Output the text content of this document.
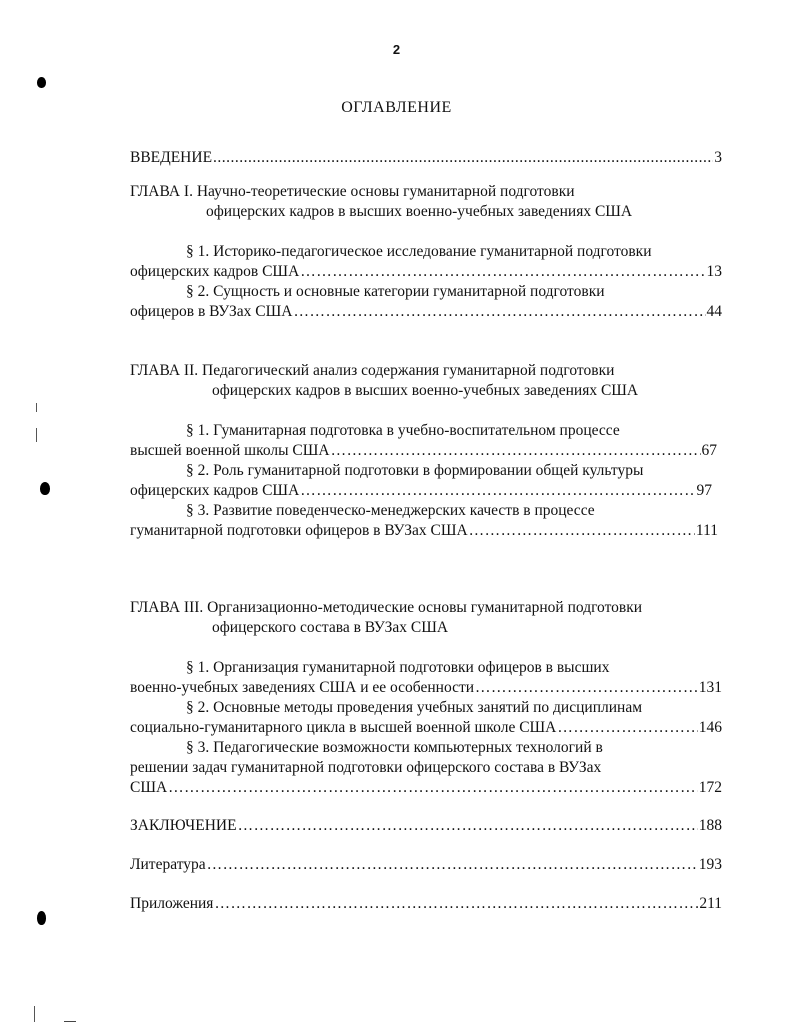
2
ОГЛАВЛЕНИЕ
ВВЕДЕНИЕ .....	3
ГЛАВА I. Научно-теоретические основы гуманитарной подготовки
офицерских кадров в высших военно-учебных заведениях США
§ 1. Историко-педагогическое исследование гуманитарной подготовки
офицерских кадров США ………………………………………………………………………………………………………………………………………………………………………………………………	13
§ 2. Сущность и основные категории гуманитарной подготовки
офицеров в ВУЗах США ………………………………………………………………………………………………………………………………………………………………………………………………	44
ГЛАВА II. Педагогический анализ содержания гуманитарной подготовки
офицерских кадров в высших военно-учебных заведениях США
§ 1. Гуманитарная подготовка в учебно-воспитательном процессе
высшей военной школы США ………………………………………………………………………………………………………………………………………………………………………………………………	67
§ 2. Роль гуманитарной подготовки в формировании общей культуры
офицерских кадров США ………………………………………………………………………………………………………………………………………………………………………………………………	97
§ 3. Развитие поведенческо-менеджерских качеств в процессе
гуманитарной подготовки офицеров в ВУЗах США ………………………………………………………………………………………………………………………………………………………………………………………………	111
ГЛАВА III. Организационно-методические основы гуманитарной подготовки
офицерского состава в ВУЗах США
§ 1. Организация гуманитарной подготовки офицеров в высших
военно-учебных заведениях США и ее особенности ………………………………………………………………………………………………………………………………………………………………………………………………	131
§ 2. Основные методы проведения учебных занятий по дисциплинам
социально-гуманитарного цикла в высшей военной школе США ………………………………………………………………………………………………………………………………………………………………………………………………	146
§ 3. Педагогические возможности компьютерных технологий в
решении задач гуманитарной подготовки офицерского состава в ВУЗах
США ………………………………………………………………………………………………………………………………………………………………………………………………	172
ЗАКЛЮЧЕНИЕ ………………………………………………………………………………………………………………………………………………………………………………………………	188
Литература ………………………………………………………………………………………………………………………………………………………………………………………………	193
Приложения ………………………………………………………………………………………………………………………………………………………………………………………………	211
